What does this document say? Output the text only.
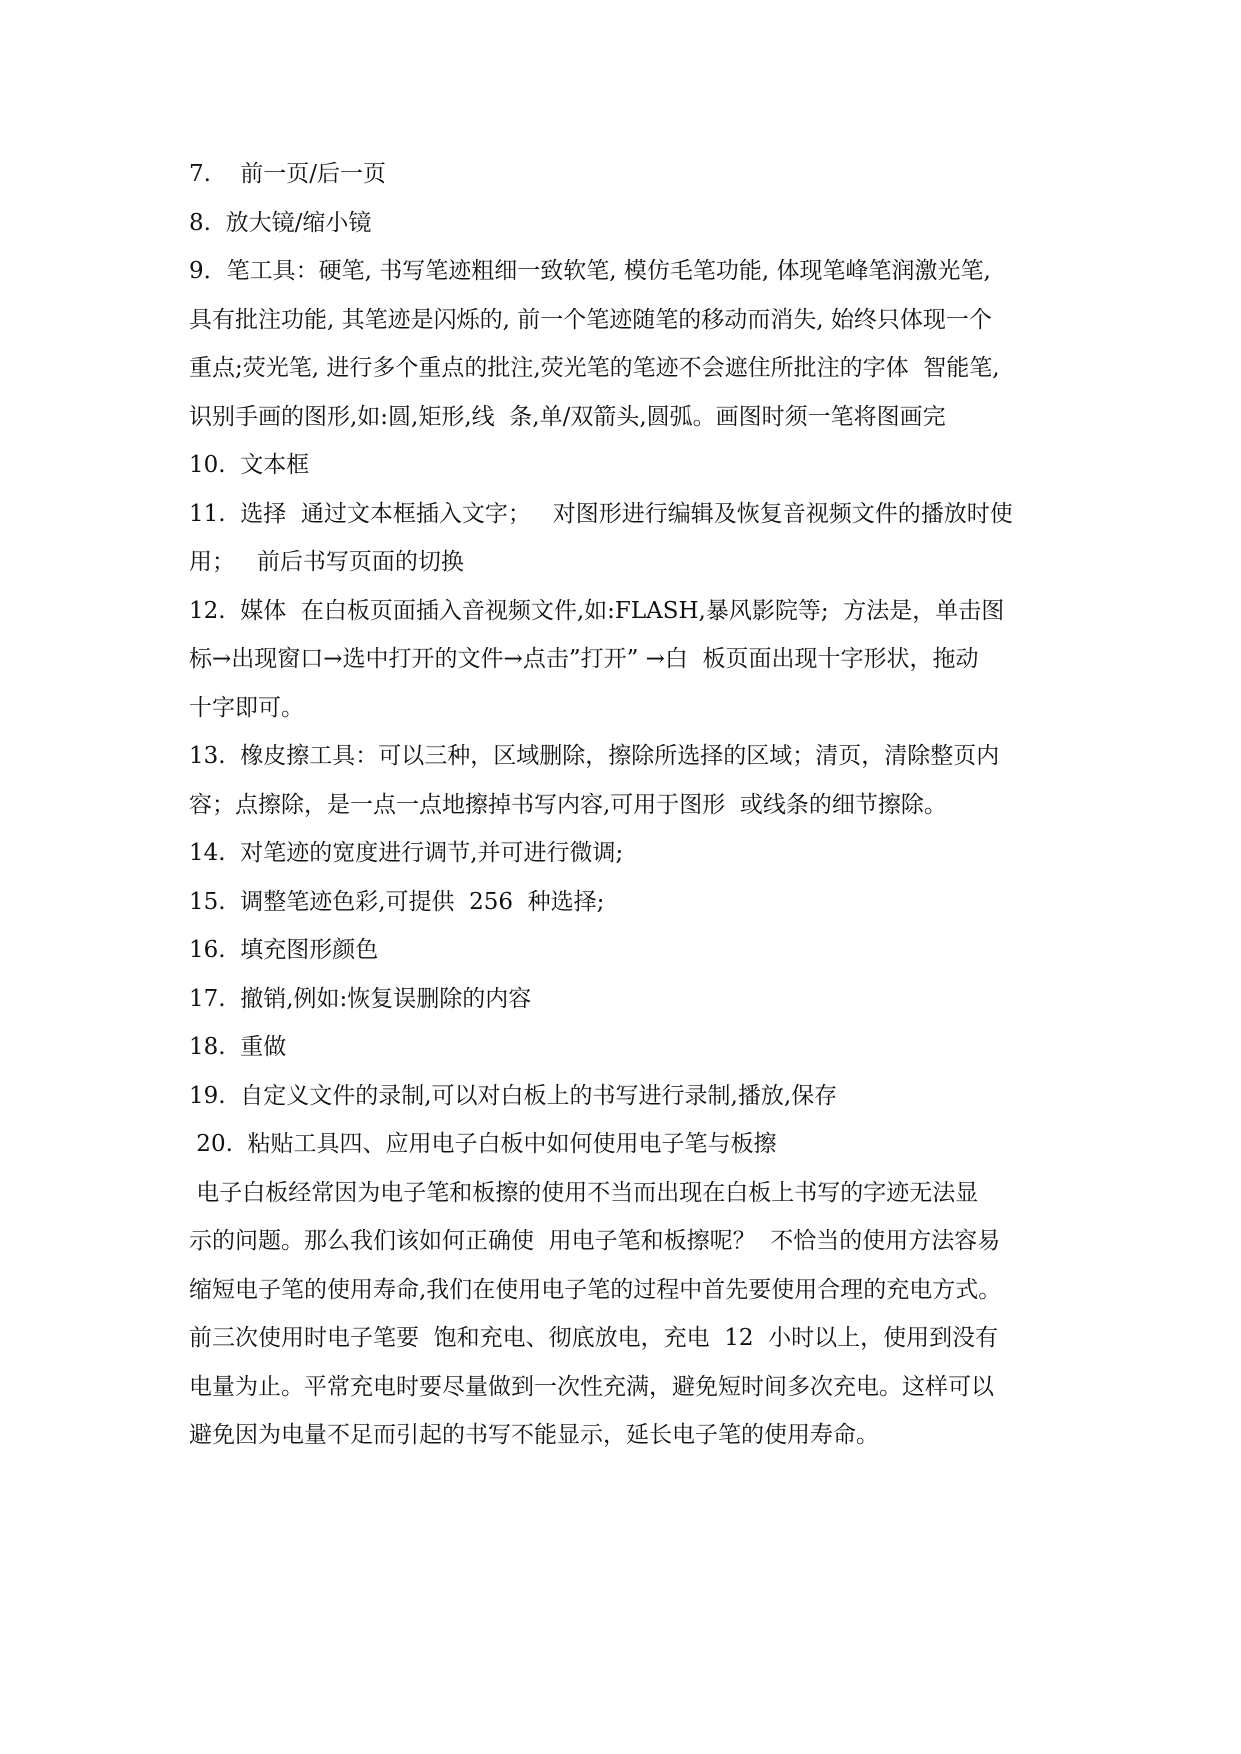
7.    前一页/后一页
8.  放大镜/缩小镜
9．笔工具：硬笔, 书写笔迹粗细一致软笔, 模仿毛笔功能, 体现笔峰笔润激光笔,
具有批注功能, 其笔迹是闪烁的, 前一个笔迹随笔的移动而消失, 始终只体现一个
重点;荧光笔, 进行多个重点的批注,荧光笔的笔迹不会遮住所批注的字体  智能笔,
识别手画的图形,如:圆,矩形,线  条,单/双箭头,圆弧。画图时须一笔将图画完
10.  文本框
11.  选择  通过文本框插入文字；   对图形进行编辑及恢复音视频文件的播放时使
用；   前后书写页面的切换
12.  媒体  在白板页面插入音视频文件,如:FLASH,暴风影院等;  方法是，单击图
标→出现窗口→选中打开的文件→点击”打开” →白  板页面出现十字形状，拖动
十字即可。
13.  橡皮擦工具：可以三种，区域删除，擦除所选择的区域；清页，清除整页内
容；点擦除，是一点一点地擦掉书写内容,可用于图形  或线条的细节擦除。
14.  对笔迹的宽度进行调节,并可进行微调;
15.  调整笔迹色彩,可提供  256  种选择;
16.  填充图形颜色
17.  撤销,例如:恢复误删除的内容
18.  重做
19.  自定义文件的录制,可以对白板上的书写进行录制,播放,保存
20.  粘贴工具四、应用电子白板中如何使用电子笔与板擦
电子白板经常因为电子笔和板擦的使用不当而出现在白板上书写的字迹无法显
示的问题。那么我们该如何正确使  用电子笔和板擦呢？  不恰当的使用方法容易
缩短电子笔的使用寿命,我们在使用电子笔的过程中首先要使用合理的充电方式。
前三次使用时电子笔要  饱和充电、彻底放电，充电  12  小时以上，使用到没有
电量为止。平常充电时要尽量做到一次性充满，避免短时间多次充电。这样可以
避免因为电量不足而引起的书写不能显示，延长电子笔的使用寿命。
